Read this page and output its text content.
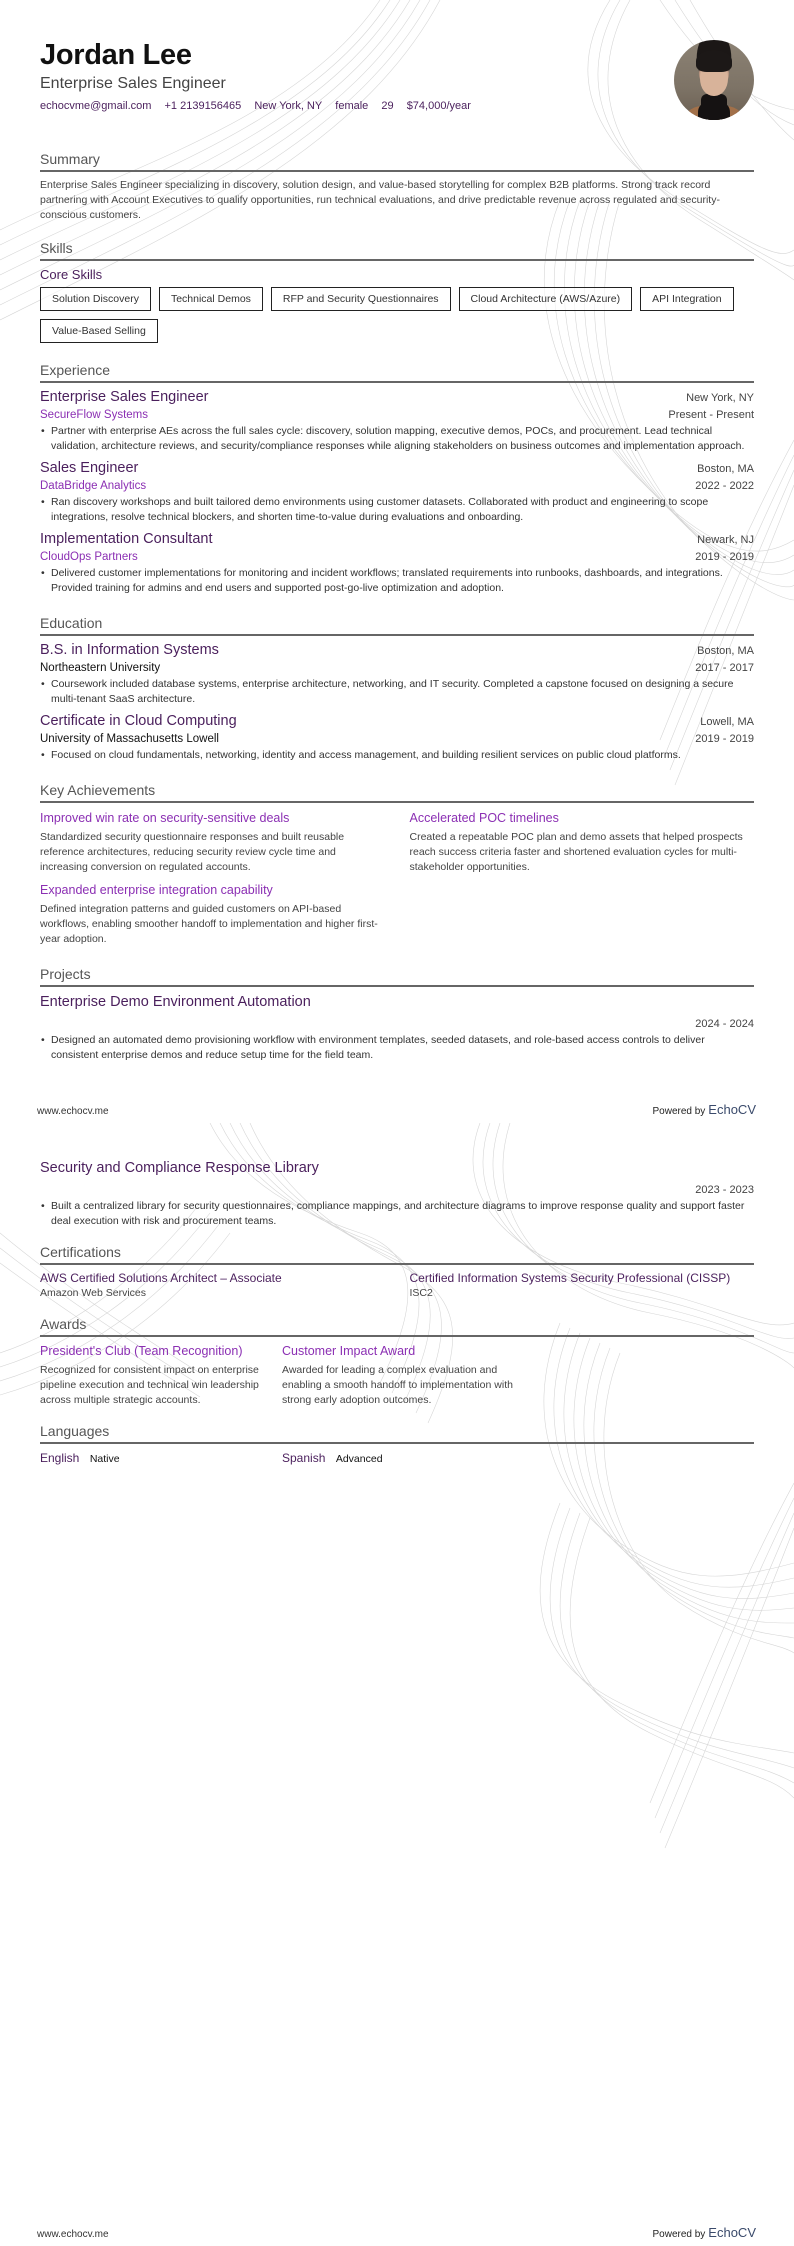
Jordan Lee
Enterprise Sales Engineer
echocvme@gmail.com +1 2139156465 New York, NY female 29 $74,000/year
Summary
Enterprise Sales Engineer specializing in discovery, solution design, and value-based storytelling for complex B2B platforms. Strong track record partnering with Account Executives to qualify opportunities, run technical evaluations, and drive predictable revenue across regulated and security-conscious customers.
Skills
Core Skills
Solution Discovery	Technical Demos	RFP and Security Questionnaires	Cloud Architecture (AWS/Azure)	API Integration
Value-Based Selling
Experience
Enterprise Sales Engineer	New York, NY
SecureFlow Systems	Present - Present
• Partner with enterprise AEs across the full sales cycle: discovery, solution mapping, executive demos, POCs, and procurement. Lead technical validation, architecture reviews, and security/compliance responses while aligning stakeholders on business outcomes and implementation approach.
Sales Engineer	Boston, MA
DataBridge Analytics	2022 - 2022
• Ran discovery workshops and built tailored demo environments using customer datasets. Collaborated with product and engineering to scope integrations, resolve technical blockers, and shorten time-to-value during evaluations and onboarding.
Implementation Consultant	Newark, NJ
CloudOps Partners	2019 - 2019
• Delivered customer implementations for monitoring and incident workflows; translated requirements into runbooks, dashboards, and integrations. Provided training for admins and end users and supported post-go-live optimization and adoption.
Education
B.S. in Information Systems	Boston, MA
Northeastern University	2017 - 2017
• Coursework included database systems, enterprise architecture, networking, and IT security. Completed a capstone focused on designing a secure multi-tenant SaaS architecture.
Certificate in Cloud Computing	Lowell, MA
University of Massachusetts Lowell	2019 - 2019
• Focused on cloud fundamentals, networking, identity and access management, and building resilient services on public cloud platforms.
Key Achievements
Improved win rate on security-sensitive deals
Standardized security questionnaire responses and built reusable reference architectures, reducing security review cycle time and increasing conversion on regulated accounts.
Accelerated POC timelines
Created a repeatable POC plan and demo assets that helped prospects reach success criteria faster and shortened evaluation cycles for multi-stakeholder opportunities.
Expanded enterprise integration capability
Defined integration patterns and guided customers on API-based workflows, enabling smoother handoff to implementation and higher first-year adoption.
Projects
Enterprise Demo Environment Automation
2024 - 2024
• Designed an automated demo provisioning workflow with environment templates, seeded datasets, and role-based access controls to deliver consistent enterprise demos and reduce setup time for the field team.
www.echocv.me	Powered by EchoCV
Security and Compliance Response Library
2023 - 2023
• Built a centralized library for security questionnaires, compliance mappings, and architecture diagrams to improve response quality and support faster deal execution with risk and procurement teams.
Certifications
AWS Certified Solutions Architect – Associate
Amazon Web Services
Certified Information Systems Security Professional (CISSP)
ISC2
Awards
President's Club (Team Recognition)
Recognized for consistent impact on enterprise pipeline execution and technical win leadership across multiple strategic accounts.
Customer Impact Award
Awarded for leading a complex evaluation and enabling a smooth handoff to implementation with strong early adoption outcomes.
Languages
English Native	Spanish Advanced
www.echocv.me	Powered by EchoCV
